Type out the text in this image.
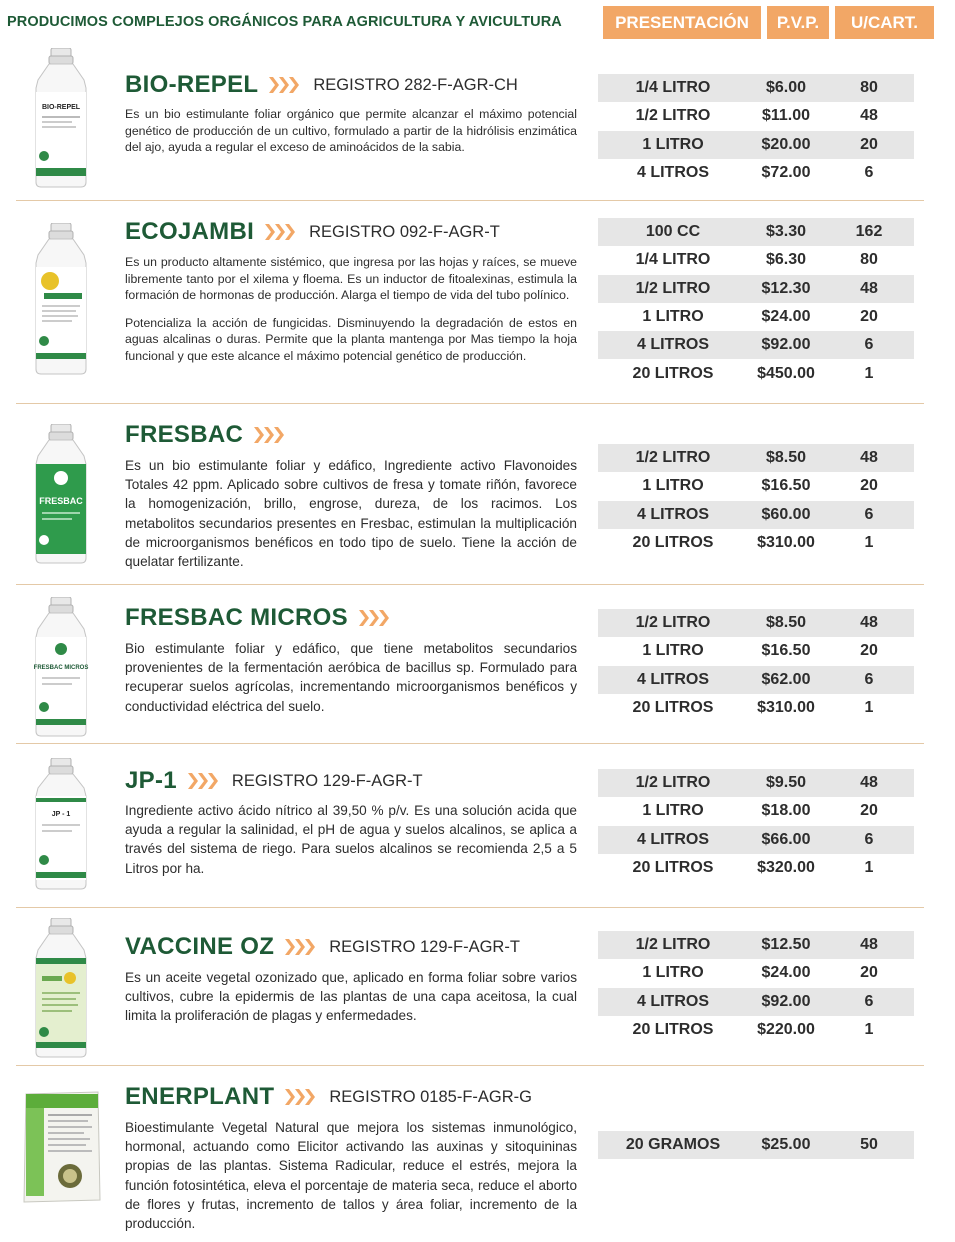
PRODUCIMOS COMPLEJOS ORGÁNICOS PARA AGRICULTURA Y AVICULTURA	PRESENTACIÓN	P.V.P.	U/CART.
BIO-REPEL
BIO-REPEL	REGISTRO 282-F-AGR-CH

Es un bio estimulante foliar orgánico que permite alcanzar el máximo potencial genético de producción de un cultivo, formulado a partir de la hidrólisis enzimática del ajo, ayuda a regular el exceso de aminoácidos de la sabia.

1/4 LITRO	$6.00	80
1/2 LITRO	$11.00	48
1 LITRO	$20.00	20
4 LITROS	$72.00	6
ECOJAMBI	REGISTRO 092-F-AGR-T

Es un producto altamente sistémico, que ingresa por las hojas y raíces, se mueve libremente tanto por el xilema y floema. Es un inductor de fitoalexinas, estimula la formación de hormonas de producción. Alarga el tiempo de vida del tubo polínico.

Potencializa la acción de fungicidas. Disminuyendo la degradación de estos en aguas alcalinas o duras. Permite que la planta mantenga por Mas tiempo la hoja funcional y que este alcance el máximo potencial genético de producción.

100 CC	$3.30	162
1/4 LITRO	$6.30	80
1/2 LITRO	$12.30	48
1 LITRO	$24.00	20
4 LITROS	$92.00	6
20 LITROS	$450.00	1
FRESBAC
FRESBAC

Es un bio estimulante foliar y edáfico, Ingrediente activo Flavonoides Totales 42 ppm. Aplicado sobre cultivos de fresa y tomate riñón, favorece la homogenización, brillo, engrose, dureza, de los racimos. Los metabolitos secundarios presentes en Fresbac, estimulan la multiplicación de microorganismos benéficos en todo tipo de suelo. Tiene la acción de quelatar fertilizante.

1/2 LITRO	$8.50	48
1 LITRO	$16.50	20
4 LITROS	$60.00	6
20 LITROS	$310.00	1
FRESBAC MICROS
FRESBAC MICROS

Bio estimulante foliar y edáfico, que tiene metabolitos secundarios provenientes de la fermentación aeróbica de bacillus sp. Formulado para recuperar suelos agrícolas, incrementando microorganismos benéficos y conductividad eléctrica del suelo.

1/2 LITRO	$8.50	48
1 LITRO	$16.50	20
4 LITROS	$62.00	6
20 LITROS	$310.00	1
JP - 1
JP-1	REGISTRO 129-F-AGR-T

Ingrediente activo ácido nítrico al 39,50 % p/v. Es una solución acida que ayuda a regular la salinidad, el pH de agua y suelos alcalinos, se aplica a través del sistema de riego. Para suelos alcalinos se recomienda 2,5 a 5 Litros por ha.

1/2 LITRO	$9.50	48
1 LITRO	$18.00	20
4 LITROS	$66.00	6
20 LITROS	$320.00	1
VACCINE OZ	REGISTRO 129-F-AGR-T

Es un aceite vegetal ozonizado que, aplicado en forma foliar sobre varios cultivos, cubre la epidermis de las plantas de una capa aceitosa, la cual limita la proliferación de plagas y enfermedades.

1/2 LITRO	$12.50	48
1 LITRO	$24.00	20
4 LITROS	$92.00	6
20 LITROS	$220.00	1
ENERPLANT	REGISTRO 0185-F-AGR-G

Bioestimulante Vegetal Natural que mejora los sistemas inmunológico, hormonal, actuando como Elicitor activando las auxinas y sitoquininas propias de las plantas. Sistema Radicular, reduce el estrés, mejora la función fotosintética, eleva el porcentaje de materia seca, reduce el aborto de flores y frutas, incremento de tallos y área foliar, incremento de la producción.

20 GRAMOS	$25.00	50
